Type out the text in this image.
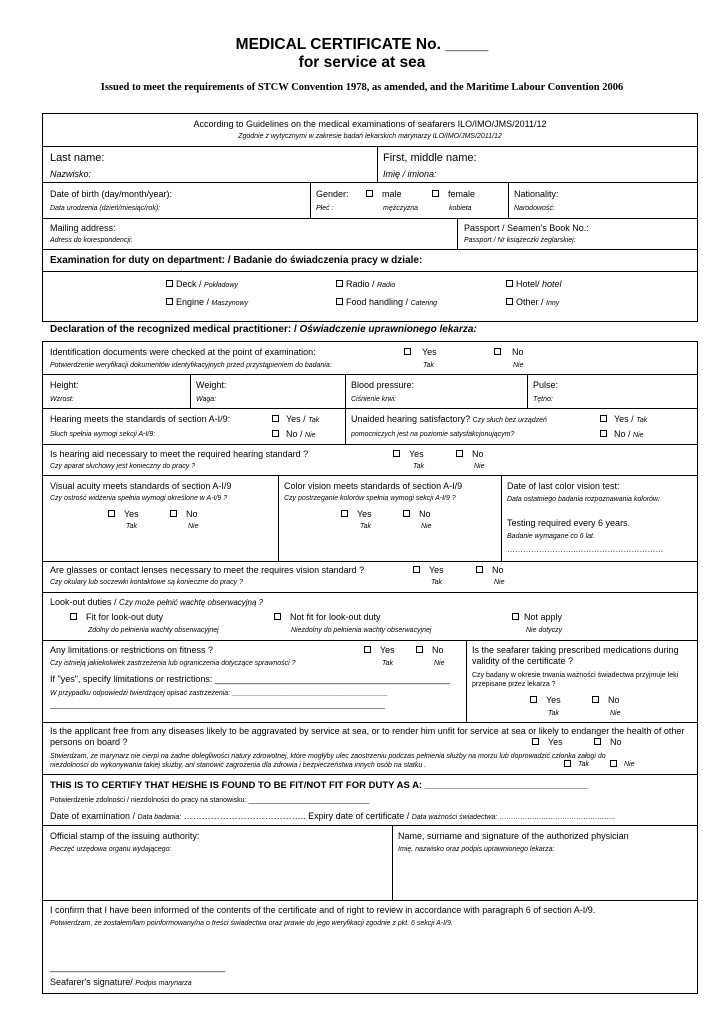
MEDICAL CERTIFICATE No. _____
for service at sea
Issued to meet the requirements of STCW Convention 1978, as amended, and the Maritime Labour Convention 2006
According to Guidelines on the medical examinations of seafarers ILO/IMO/JMS/2011/12
Zgodnie z wytycznymi w zakresie badań lekarskich marynarzy ILO/IMO/JMS/2011/12
Last name:
Nazwisko:
First, middle name:
Imię / imiona:
Date of birth (day/month/year):
Data urodzenia (dzień/miesiąc/rok):
Gender:
Płeć :
male
mężczyzna
female
kobieta
Nationality:
Narodowość:
Mailing address:
Adress do korespondencji:
Passport / Seamen's Book No.:
Passport / Nr książeczki żeglarskiej:
Examination for duty on department: / Badanie do świadczenia pracy w dziale:
Deck / Pokładowy	Radio / Radio	Hotel/ hotel
Engine / Maszynowy	Food handling / Catering	Other / Inny
Declaration of the recognized medical practitioner: / Oświadczenie uprawnionego lekarza:
Identification documents were checked at the point of examination:
Potwierdzenie weryfikacji dokumentów identyfikacyjnych przed przystąpieniem do badania:
Yes
Tak
No
Nie
Height:
Wzrost:
Weight:
Waga:
Blood pressure:
Ciśnienie krwi:
Pulse:
Tętno:
Hearing meets the standards of section A-I/9:
Słuch spełnia wymogi sekcji A-I/9:
Yes / Tak
No / Nie
Unaided hearing satisfactory? Czy słuch bez urządzeń
pomocniczych jest na poziomie satysfakcjonującym?
Yes / Tak
No / Nie
Is hearing aid necessary to meet the required hearing standard ?
Czy aparat słuchowy jest konieczny do pracy ?
Yes
Tak
No
Nie
Visual acuity meets standards of section A-I/9
Czy ostrość widzenia spełnia wymogi określone w A-I/9 ?
Yes
Tak
No
Nie
Color vision meets standards of section A-I/9
Czy postrzeganie kolorów spełnia wymogi sekcji A-I/9 ?
Yes
Tak
No
Nie
Date of last color vision test:
Data ostatniego badania rozpoznawania kolorów:
Testing required every 6 years.
Badanie wymagane co 6 lat.
……………………..……………………………
Are glasses or contact lenses necessary to meet the requires vision standard ?
Czy okulary lub soczewki kontaktowe są konieczne do pracy ?
Yes
Tak
No
Nie
Look-out duties / Czy może pełnić wachtę obserwacyjną ?
Fit for look-out duty
Zdolny do pełnienia wachty obserwacyjnej
Not fit for look-out duty
Niezdolny do pełnienia wachty obserwacyjnej
Not apply
Nie dotyczy
Any limitations or restrictions on fitness ?
Czy istnieją jakiekolwiek zastrzeżenia lub ograniczenia dotyczące sprawności ?
Yes
Tak
No
Nie
If "yes", specify limitations or restrictions: _______________________________________________
W przypadku odpowiedzi twierdzącej opisać zastrzeżenia: ________________________________________
______________________________________________________________________________________
Is the seafarer taking prescribed medications during validity of the certificate ?
Czy badany w okresie trwania ważności świadectwa przyjmuje leki przepisane przez lekarza ?
Yes
Tak
No
Nie
Is the applicant free from any diseases likely to be aggravated by service at sea, or to render him unfit for service at sea or likely to endanger the health of other persons on board ?	Yes	No
Stwierdzam, że marynarz nie cierpi na żadne dolegliwości natury zdrowotnej, które mogłyby ulec zaostrzeniu podczas pełnienia służby na morzu lub doprowadzić członka załogi do niezdolności do wykonywania takiej służby, ani stanowić zagrożenia dla zdrowia i bezpieczeństwa innych osób na statku .	Tak	Nie
THIS IS TO CERTIFY THAT HE/SHE IS FOUND TO BE FIT/NOT FIT FOR DUTY AS A: _______________________________
Potwierdzenie zdolności / niezdolności do pracy na stanowisku: _______________________________
Date of examination / Data badania: ………………………………….. Expiry date of certificate / Data ważności świadectwa: …………………………………………..
Official stamp of the issuing authority:
Pieczęć urzędowa organu wydającego:
Name, surname and signature of the authorized physician
Imię, nazwisko oraz podpis uprawnionego lekarza:
I confirm that I have been informed of the contents of the certificate and of right to review in accordance with paragraph 6 of section A-I/9.
Potwierdzam, że zostałem/łam poinformowany/na o treści świadectwa oraz prawie do jego weryfikacji zgodnie z pkt. 6 sekcji A-I/9.
___________________________________
Seafarer's signature/ Podpis marynarza
